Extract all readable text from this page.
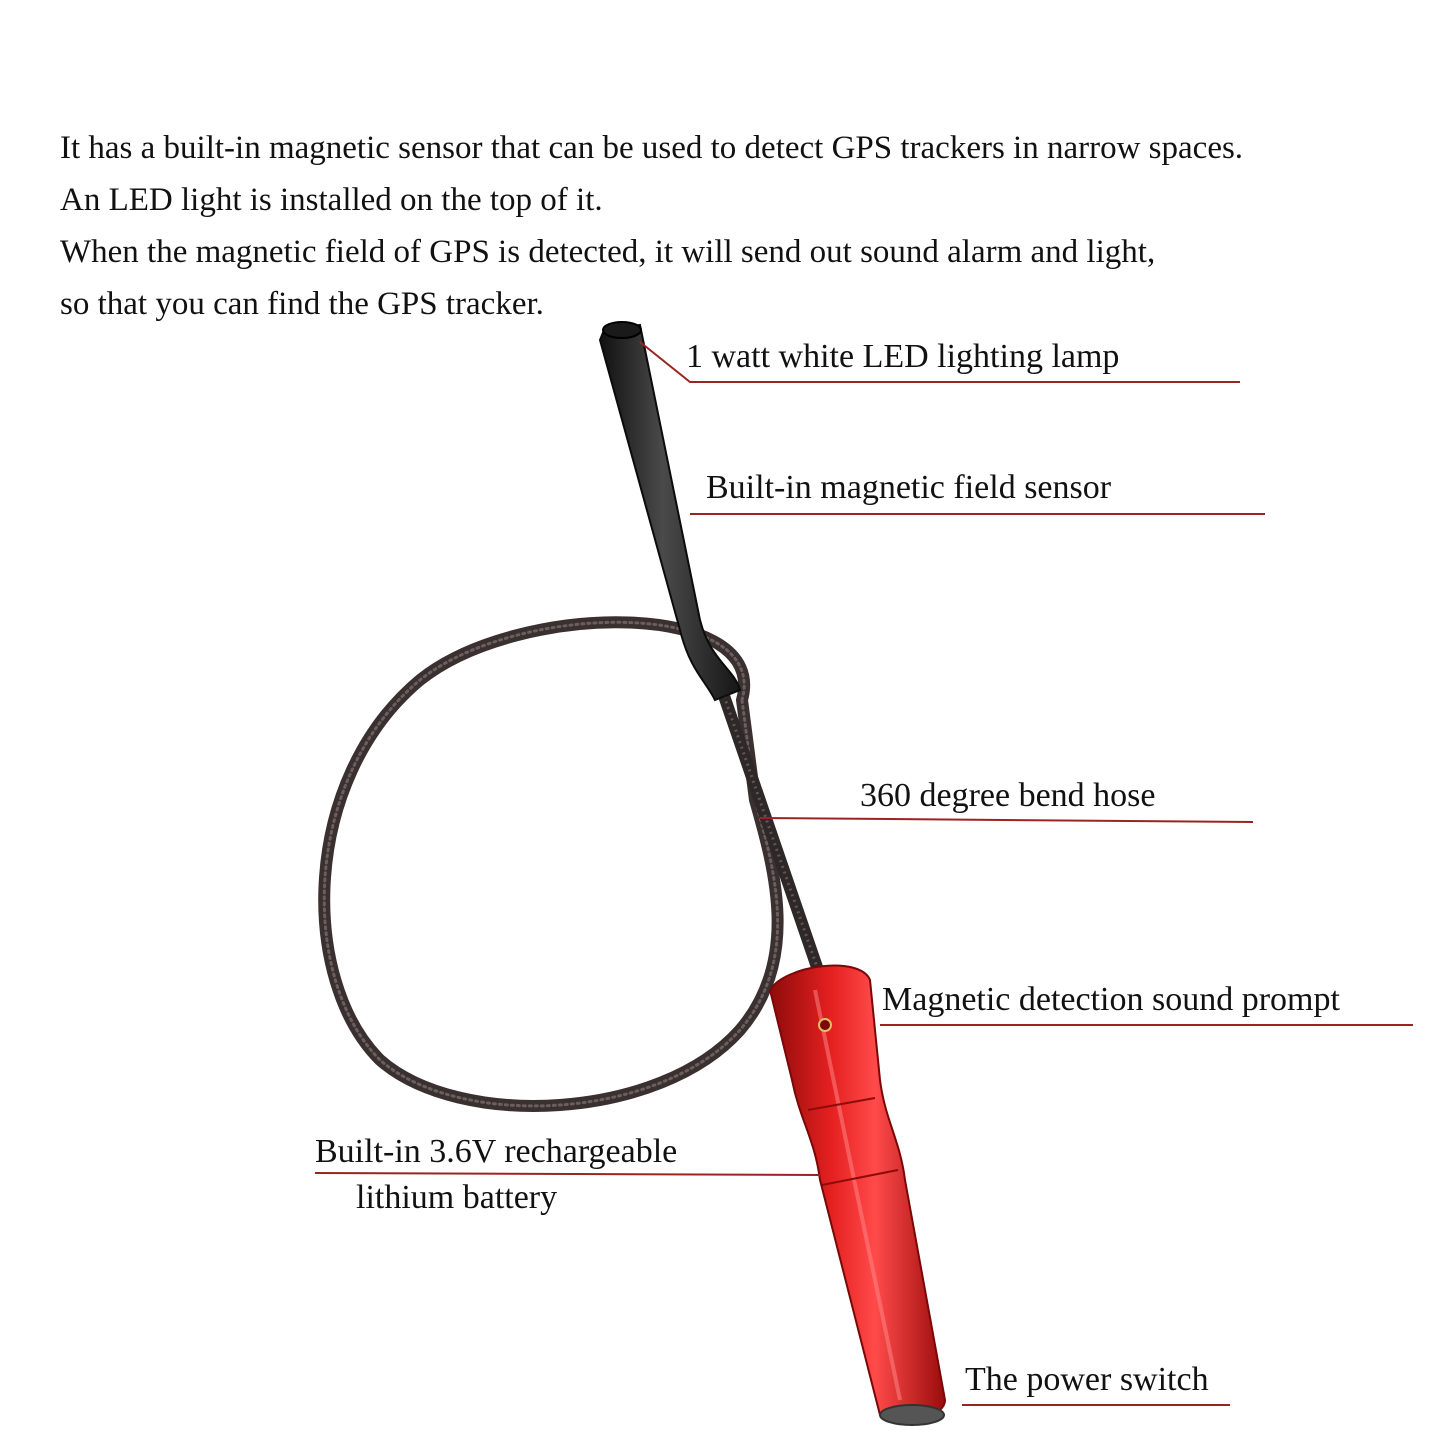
It has a built-in magnetic sensor that can be used to detect GPS trackers in narrow spaces.
An LED light is installed on the top of it.
When the magnetic field of GPS is detected, it will send out sound alarm and light,
so that you can find the GPS tracker.
1 watt white LED lighting lamp
Built-in magnetic field sensor
360 degree bend hose
Magnetic detection sound prompt
Built-in 3.6V rechargeable
lithium battery
The power switch
